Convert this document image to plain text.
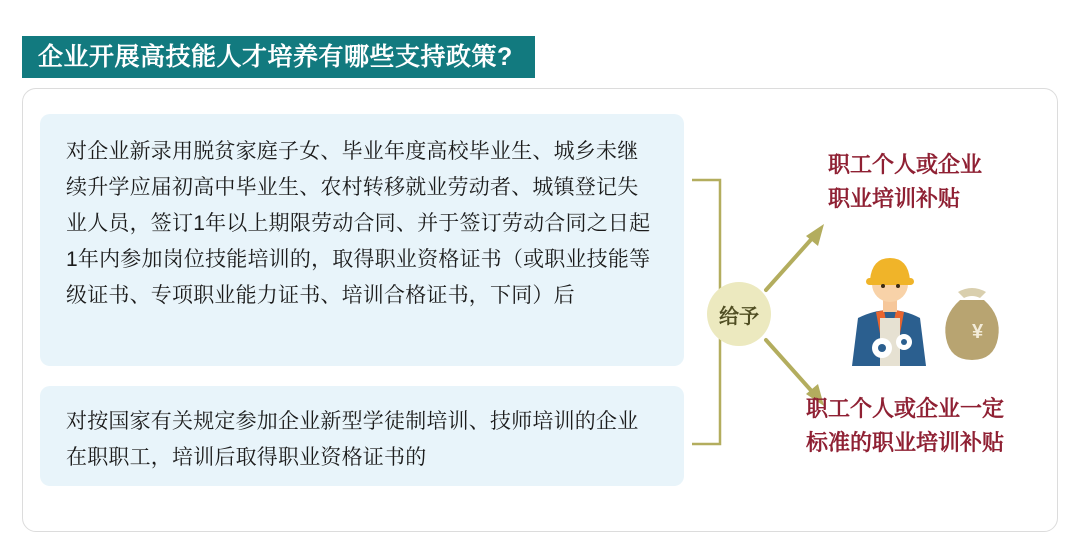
企业开展高技能人才培养有哪些支持政策?

对企业新录用脱贫家庭子女、毕业年度高校毕业生、城乡未继续升学应届初高中毕业生、农村转移就业劳动者、城镇登记失业人员，签订1年以上期限劳动合同、并于签订劳动合同之日起1年内参加岗位技能培训的，取得职业资格证书（或职业技能等级证书、专项职业能力证书、培训合格证书，下同）后

对按国家有关规定参加企业新型学徒制培训、技师培训的企业在职职工，培训后取得职业资格证书的

给予
职工个人或企业
职业培训补贴
职工个人或企业一定
标准的职业培训补贴
¥
